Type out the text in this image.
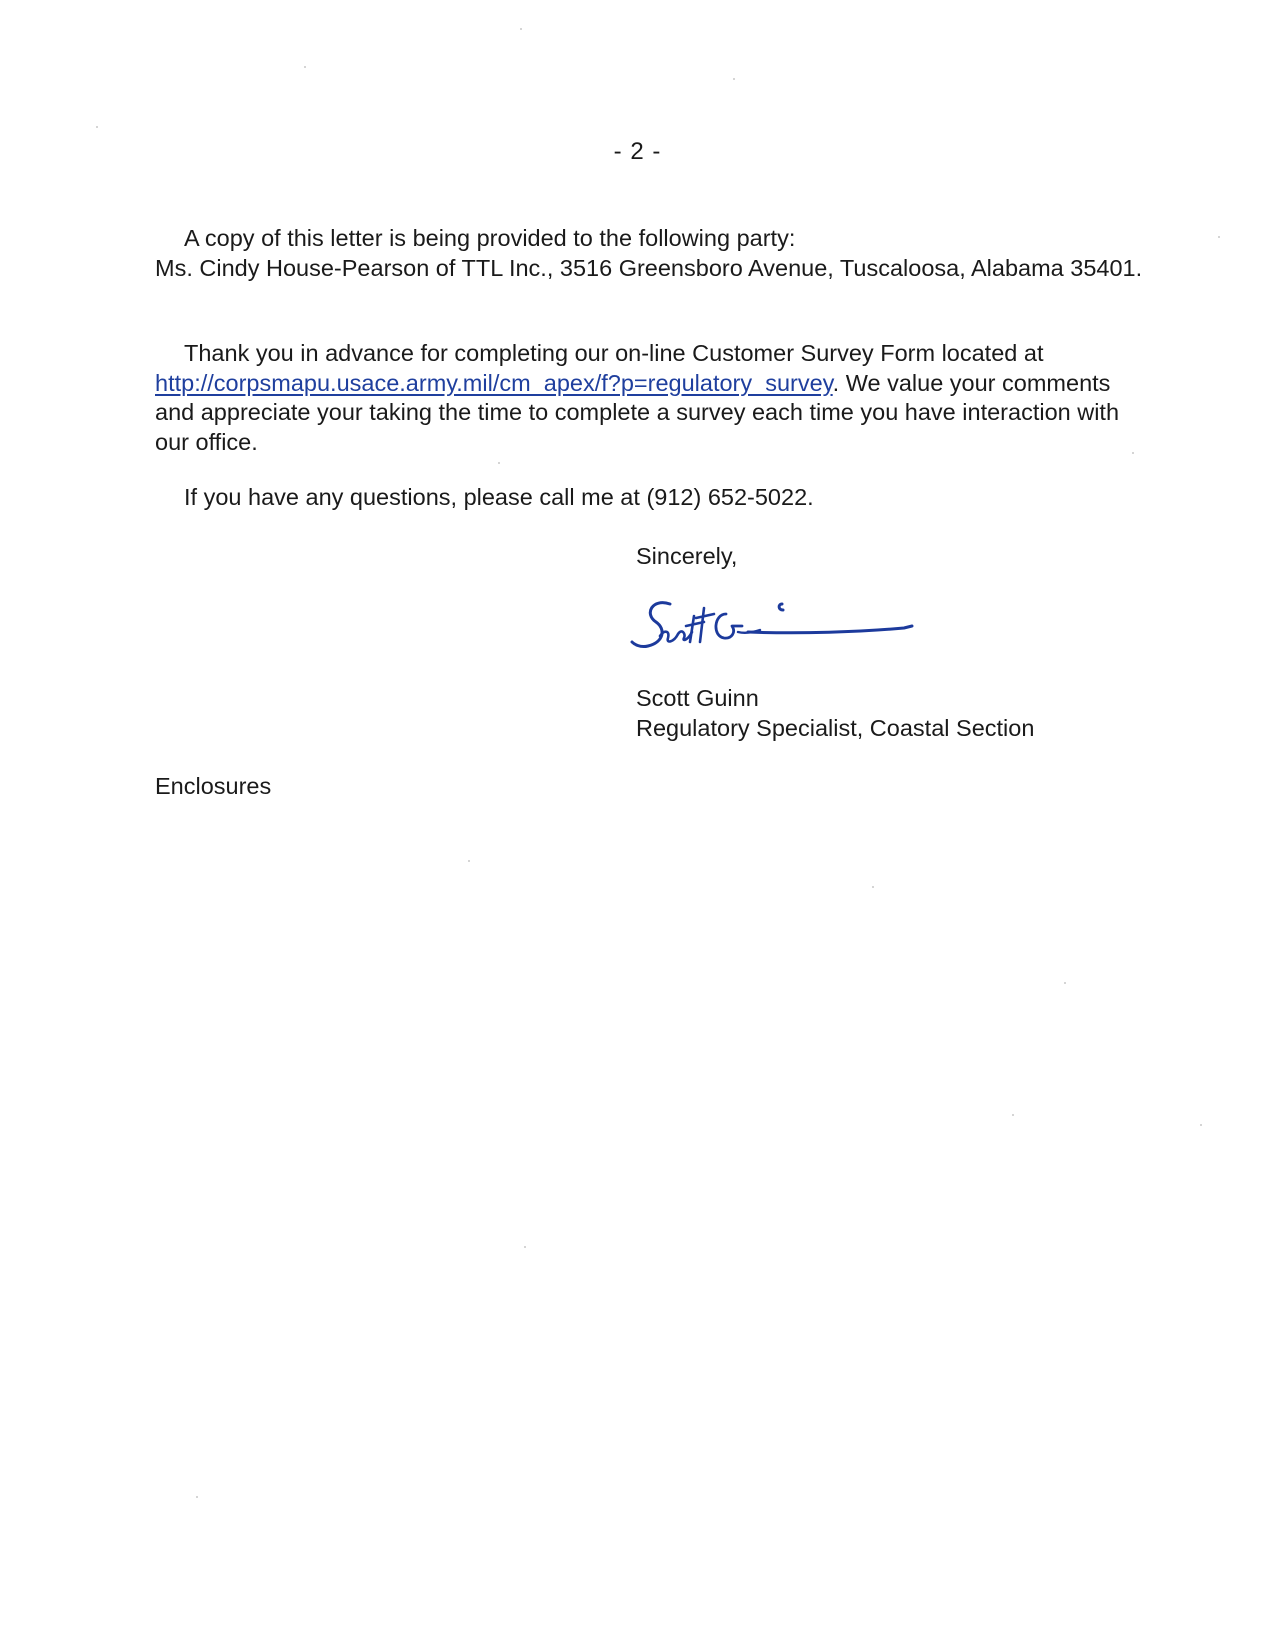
- 2 -
A copy of this letter is being provided to the following party:
Ms. Cindy House-Pearson of TTL Inc., 3516 Greensboro Avenue, Tuscaloosa, Alabama 35401.
Thank you in advance for completing our on-line Customer Survey Form located at
http://corpsmapu.usace.army.mil/cm_apex/f?p=regulatory_survey. We value your comments and appreciate your taking the time to complete a survey each time you have interaction with our office.
If you have any questions, please call me at (912) 652-5022.
Sincerely,
Scott Guinn
Regulatory Specialist, Coastal Section
Enclosures
